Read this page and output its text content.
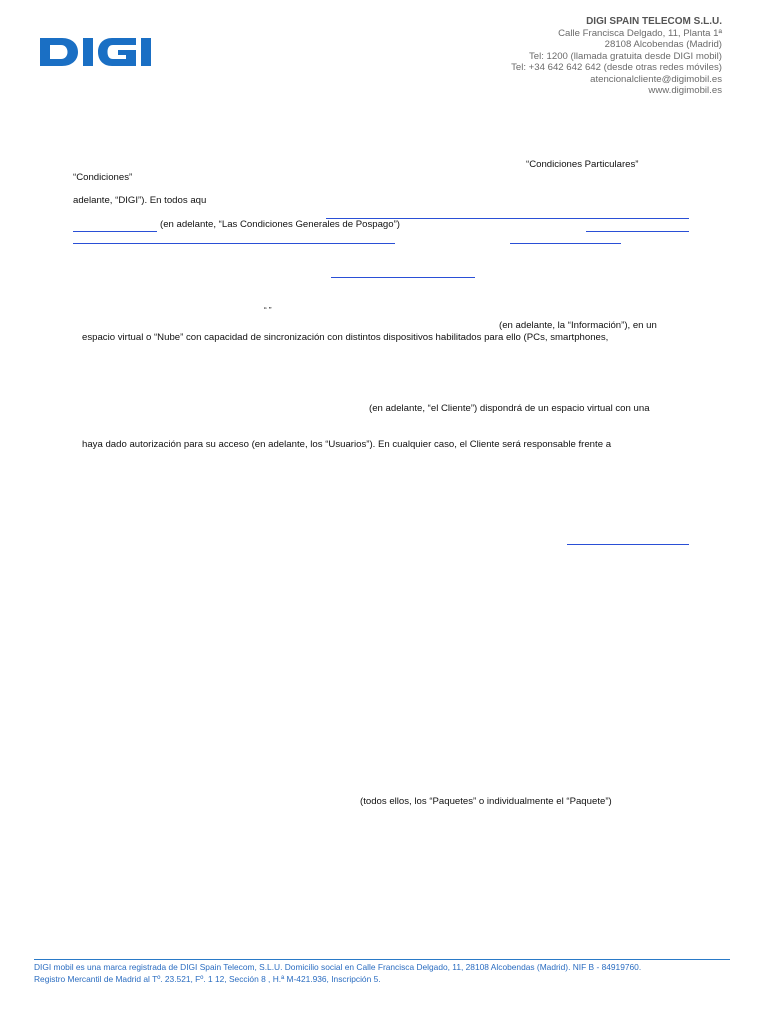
DIGI SPAIN TELECOM S.L.U.
Calle Francisca Delgado, 11, Planta 1ª
28108 Alcobendas (Madrid)
Tel: 1200 (llamada gratuita desde DIGI mobil)
Tel: +34 642 642 642 (desde otras redes móviles)
atencionalcliente@digimobil.es
www.digimobil.es
“Condiciones Particulares”
“Condiciones”
adelante, “DIGI”). En todos aqu
(en adelante, “Las Condiciones Generales de Pospago”)
“ ”
(en adelante, la “Información”), en un
espacio virtual o “Nube” con capacidad de sincronización con distintos dispositivos habilitados para ello (PCs, smartphones,
(en adelante, “el Cliente”) dispondrá de un espacio virtual con una
haya dado autorización para su acceso (en adelante, los “Usuarios”). En cualquier caso, el Cliente será responsable frente a
(todos ellos, los “Paquetes” o individualmente el “Paquete”)
DIGI mobil es una marca registrada de DIGI Spain Telecom, S.L.U. Domicilio social en Calle Francisca Delgado, 11, 28108 Alcobendas (Madrid). NIF B - 84919760.
Registro Mercantil de Madrid al Tº. 23.521, Fº. 1 12, Sección 8 , H.ª M-421.936, Inscripción 5.
